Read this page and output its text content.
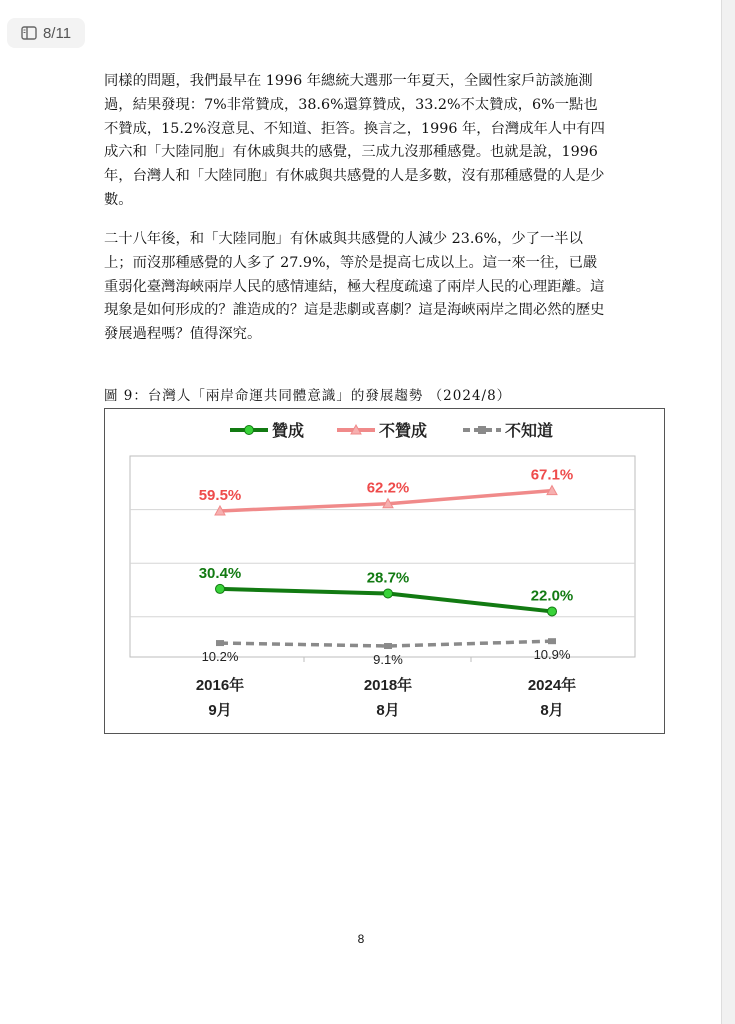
8/11

同樣的問題，我們最早在 1996 年總統大選那一年夏天，全國性家戶訪談施測過，結果發現：7%非常贊成，38.6%還算贊成，33.2%不太贊成，6%一點也不贊成，15.2%沒意見、不知道、拒答。換言之，1996 年，台灣成年人中有四成六和「大陸同胞」有休戚與共的感覺，三成九沒那種感覺。也就是說，1996 年，台灣人和「大陸同胞」有休戚與共感覺的人是多數，沒有那種感覺的人是少數。

二十八年後，和「大陸同胞」有休戚與共感覺的人減少 23.6%，少了一半以上；而沒那種感覺的人多了 27.9%，等於是提高七成以上。這一來一往，已嚴重弱化臺灣海峽兩岸人民的感情連結，極大程度疏遠了兩岸人民的心理距離。這現象是如何形成的？誰造成的？這是悲劇或喜劇？這是海峽兩岸之間必然的歷史發展過程嗎？值得深究。

圖 9：台灣人「兩岸命運共同體意識」的發展趨勢 （2024/8）
贊成	不贊成	不知道
30.4%	28.7%
22.0%
59.5%	62.2%
67.1%
10.2%	9.1%	10.9%
2016年
9月
2018年
8月
2024年
8月
8
